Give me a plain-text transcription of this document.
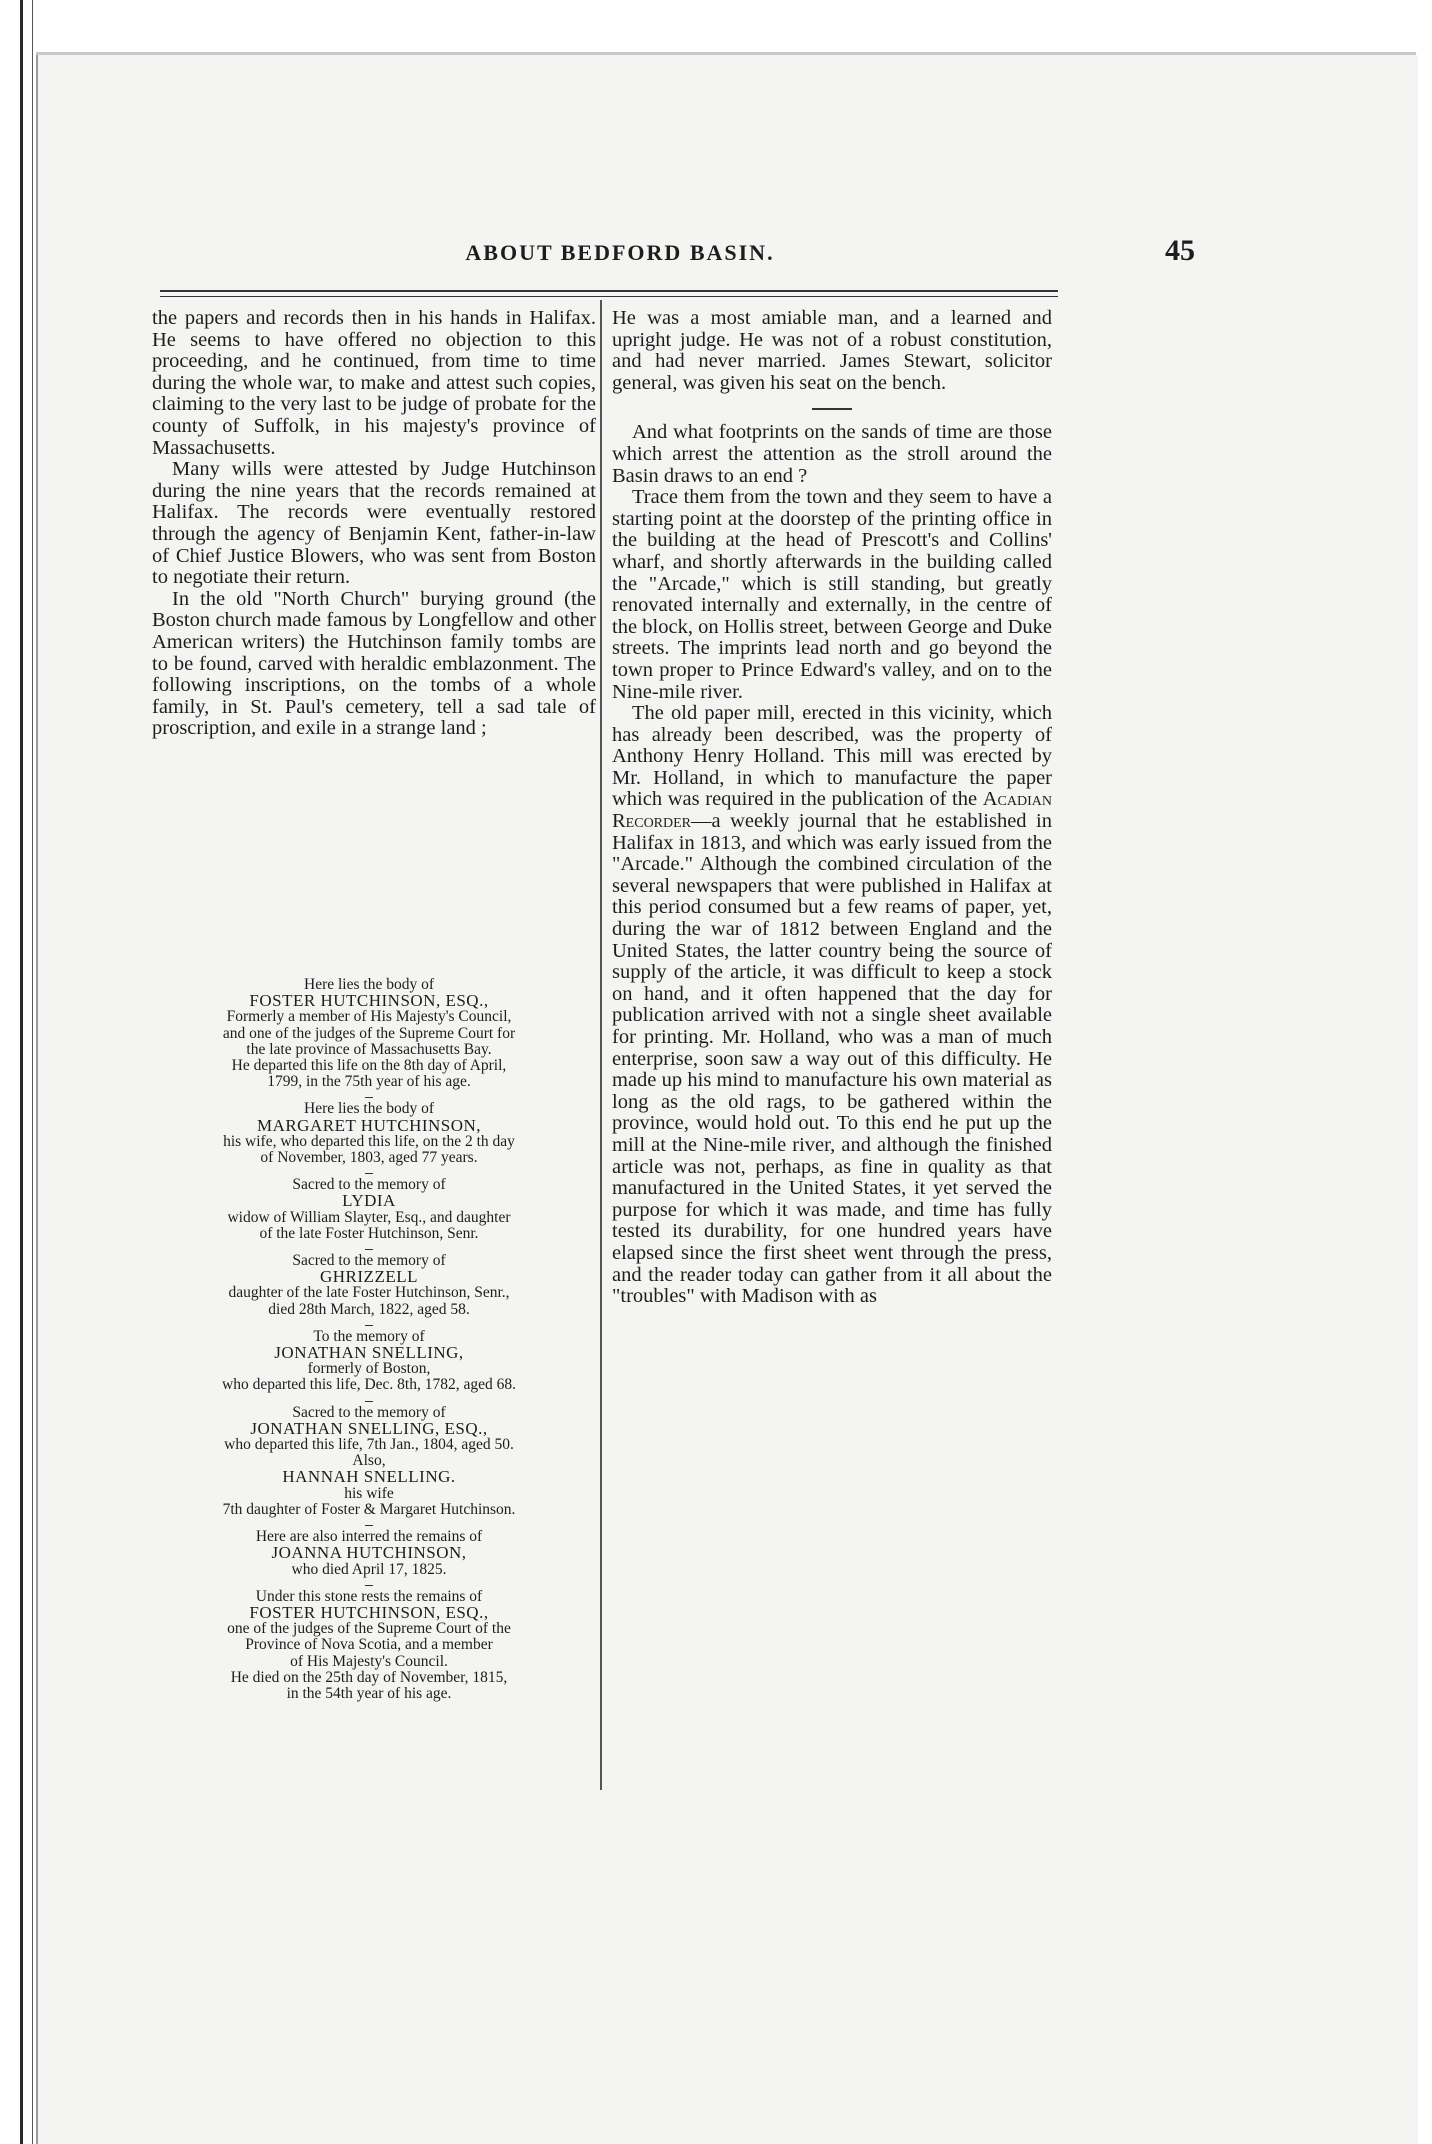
ABOUT BEDFORD BASIN.	45

the papers and records then in his hands in Halifax. He seems to have offered no objection to this proceeding, and he continued, from time to time during the whole war, to make and attest such copies, claiming to the very last to be judge of probate for the county of Suffolk, in his majesty's province of Massachusetts.

Many wills were attested by Judge Hutchinson during the nine years that the records remained at Halifax. The records were eventually restored through the agency of Benjamin Kent, father-in-law of Chief Justice Blowers, who was sent from Boston to negotiate their return.

In the old "North Church" burying ground (the Boston church made famous by Longfellow and other American writers) the Hutchinson family tombs are to be found, carved with heraldic emblazonment. The following inscriptions, on the tombs of a whole family, in St. Paul's cemetery, tell a sad tale of proscription, and exile in a strange land ;

Here lies the body of
FOSTER HUTCHINSON, ESQ.,
Formerly a member of His Majesty's Council,
and one of the judges of the Supreme Court for
the late province of Massachusetts Bay.
He departed this life on the 8th day of April,
1799, in the 75th year of his age.
Here lies the body of
MARGARET HUTCHINSON,
his wife, who departed this life, on the 2 th day
of November, 1803, aged 77 years.
Sacred to the memory of
LYDIA
widow of William Slayter, Esq., and daughter
of the late Foster Hutchinson, Senr.
Sacred to the memory of
GHRIZZELL
daughter of the late Foster Hutchinson, Senr.,
died 28th March, 1822, aged 58.
To the memory of
JONATHAN SNELLING,
formerly of Boston,
who departed this life, Dec. 8th, 1782, aged 68.
Sacred to the memory of
JONATHAN SNELLING, ESQ.,
who departed this life, 7th Jan., 1804, aged 50.
Also,
HANNAH SNELLING.
his wife
7th daughter of Foster & Margaret Hutchinson.
Here are also interred the remains of
JOANNA HUTCHINSON,
who died April 17, 1825.
Under this stone rests the remains of
FOSTER HUTCHINSON, ESQ.,
one of the judges of the Supreme Court of the
Province of Nova Scotia, and a member
of His Majesty's Council.
He died on the 25th day of November, 1815,
in the 54th year of his age.

He was a most amiable man, and a learned and upright judge. He was not of a robust constitution, and had never married. James Stewart, solicitor general, was given his seat on the bench.

And what footprints on the sands of time are those which arrest the attention as the stroll around the Basin draws to an end ?

Trace them from the town and they seem to have a starting point at the doorstep of the printing office in the building at the head of Prescott's and Collins' wharf, and shortly afterwards in the building called the "Arcade," which is still standing, but greatly renovated internally and externally, in the centre of the block, on Hollis street, between George and Duke streets. The imprints lead north and go beyond the town proper to Prince Edward's valley, and on to the Nine-mile river.

The old paper mill, erected in this vicinity, which has already been described, was the property of Anthony Henry Holland. This mill was erected by Mr. Holland, in which to manufacture the paper which was required in the publication of the Acadian Recorder—a weekly journal that he established in Halifax in 1813, and which was early issued from the "Arcade." Although the combined circulation of the several newspapers that were published in Halifax at this period consumed but a few reams of paper, yet, during the war of 1812 between England and the United States, the latter country being the source of supply of the article, it was difficult to keep a stock on hand, and it often happened that the day for publication arrived with not a single sheet available for printing. Mr. Holland, who was a man of much enterprise, soon saw a way out of this difficulty. He made up his mind to manufacture his own material as long as the old rags, to be gathered within the province, would hold out. To this end he put up the mill at the Nine-mile river, and although the finished article was not, perhaps, as fine in quality as that manufactured in the United States, it yet served the purpose for which it was made, and time has fully tested its durability, for one hundred years have elapsed since the first sheet went through the press, and the reader today can gather from it all about the "troubles" with Madison with as
